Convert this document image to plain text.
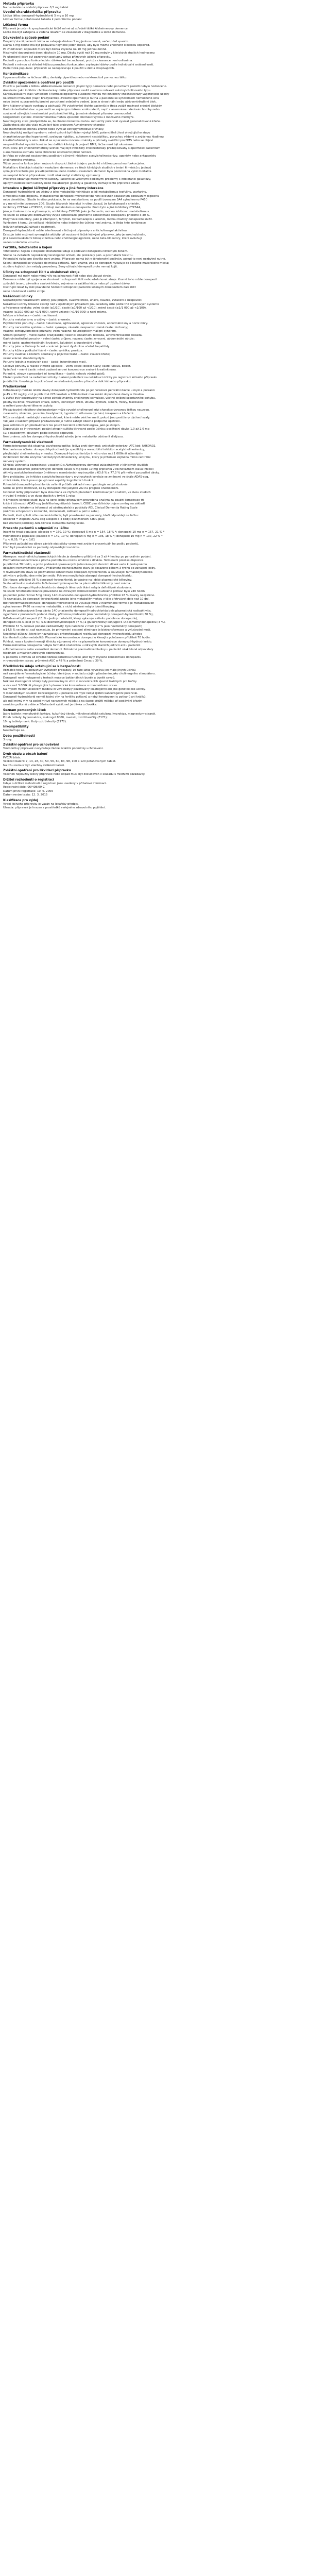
Metoda přípravku
Na nezávislé na období příprava: 0,5 mg tablet
Úvodní charakteristika přípravku
Léčivá látka: donepezil-hydrochlorid 5 mg a 10 mg
Léková forma: potahovaná tableta k perorálnímu podání
Léčebná forma
Přípravek je určen k symptomatické léčbě mírné až středně těžké Alzheimerovy demence.
Léčba má být zahájena a vedena lékařem se zkušeností v diagnostice a léčbě demence.
Dávkování a způsob podání
Dospělí / starší pacienti: léčba se zahajuje dávkou 5 mg jednou denně, večer před spaním.
Dávka 5 mg denně má být podávána nejméně jeden měsíc, aby bylo možné zhodnotit klinickou odpověď.
Po zhodnocení odpovědi může být dávka zvýšena na 10 mg jednou denně.
Maximální doporučená denní dávka je 10 mg. Dávky vyšší než 10 mg nebyly v klinických studiích hodnoceny.
Po ukončení léčby byl pozorován postupný ústup příznivých účinků přípravku.
Pacienti s poruchou funkce ledvin: dávkování lze zachovat, protože clearance není ovlivněna.
Pacienti s mírnou až středně těžkou poruchou funkce jater: zvyšování dávky podle individuální snášenlivosti.
Pediatrická populace: přípravek se nedoporučuje k použití u dětí a dospívajících.
Kontraindikace
Hypersenzitivita na léčivou látku, deriváty piperidinu nebo na kteroukoli pomocnou látku.
Zvláštní upozornění a opatření pro použití
Použití u pacientů s těžkou Alzheimerovou demencí, jinými typy demence nebo poruchami paměti nebylo hodnoceno.
Anestezie: jako inhibitor cholinesterázy může přípravek zesílit svalovou relaxaci sukcinylcholinového typu.
Kardiovaskulární stav: vzhledem k farmakologickému působení mohou mít inhibitory cholinesterázy vagotonické účinky
na srdeční frekvenci (např. bradykardie). Zvláštní opatrnost je nutná u pacientů se syndromem nemocného sinu
nebo jinými supraventrikulárními poruchami srdečního vedení, jako je sinoatriální nebo atrioventrikulární blok.
Byly hlášeny případy synkopy a záchvatů. Při vyšetřování těchto pacientů je třeba zvážit možnost srdeční blokády.
Gastrointestinální stav: u pacientů se zvýšeným rizikem vzniku vředů, např. s anamnézou vředové choroby nebo
současně užívajících nesteroidní protizánětlivé léky, je nutné sledovat příznaky onemocnění.
Urogenitální systém: cholinomimetika mohou způsobit obstrukci výtoku z močového měchýře.
Neurologický stav: předpokládá se, že cholinomimetika mohou mít určitý potenciál vyvolat generalizované křeče.
Záchvatová aktivita však může být také projevem Alzheimerovy choroby.
Cholinomimetika mohou zhoršit nebo vyvolat extrapyramidové příznaky.
Neuroleptický maligní syndrom: velmi vzácně byl hlášen výskyt NMS, potenciálně život ohrožujícího stavu
charakterizovaného hypertermií, svalovou rigiditou, autonomní nestabilitou, poruchou vědomí a zvýšenou hladinou
kreatinfosfokinázy v séru. Pokud se u pacienta rozvinou známky a příznaky svědčící pro NMS nebo se objeví
nevysvětlitelná vysoká horečka bez dalších klinických projevů NMS, léčba musí být ukončena.
Plicní stav: pro cholinomimetický účinek mají být inhibitory cholinesterázy předepisovány s opatrností pacientům
s anamnézou astmatu nebo chronické obstrukční plicní nemoci.
Je třeba se vyhnout současnému podávání s jinými inhibitory acetylcholinesterázy, agonisty nebo antagonisty
cholinergního systému.
Těžká porucha funkce jater: nejsou k dispozici žádné údaje u pacientů s těžkou poruchou funkce jater.
Mortalita v klinických studiích vaskulární demence: ve třech klinických studiích v trvání 6 měsíců u jedinců
splňujících kritéria pro pravděpodobnou nebo možnou vaskulární demenci byla pozorována vyšší mortalita
ve skupině léčené přípravkem; rozdíl však nebyl statisticky významný.
Přípravek obsahuje monohydrát laktózy. Pacienti se vzácnými dědičnými problémy s intolerancí galaktózy,
úplným nedostatkem laktázy nebo malabsorpcí glukózy a galaktózy nemají tento přípravek užívat.
Interakce s jinými léčivými přípravky a jiné formy interakce
Donepezil-hydrochlorid ani žádný z jeho metabolitů neinhibuje u lidí metabolismus teofylinu, warfarinu,
cimetidinu nebo digoxinu. Metabolismus donepezil-hydrochloridu není ovlivněn současným podáváním digoxinu
nebo cimetidinu. Studie in vitro prokázaly, že na metabolismu se podílí izoenzym 3A4 cytochromu P450
a v menší míře izoenzym 2D6. Studie lékových interakcí in vitro ukazují, že ketokonazol a chinidin,
inhibitory CYP3A4 a CYP2D6, inhibují metabolismus donepezilu. Proto tyto a jiné inhibitory CYP3A4,
jako je itrakonazol a erythromycin, a inhibitory CYP2D6, jako je fluoxetin, mohou inhibovat metabolismus.
Ve studii se zdravými dobrovolníky zvýšil ketokonazol průměrné koncentrace donepezilu přibližně o 30 %.
Enzymové induktory, jako je rifampicin, fenytoin, karbamazepin a alkohol, mohou hladiny donepezilu snížit.
Vzhledem k tomu, že velikost inhibičního nebo indukčního účinku není známa, je třeba tyto kombinace
léčivých přípravků užívat s opatrností.
Donepezil-hydrochlorid může interferovat s léčivými přípravky s anticholinergní aktivitou.
Existuje také možnost synergické aktivity při současné léčbě léčivými přípravky, jako je sukcinylcholin,
jiná neuromuskulární blokující léčiva nebo cholinergní agonisté, nebo beta-blokátory, které ovlivňují
vedení srdečního vzruchu.
Fertilita, těhotenství a kojení
Těhotenství: nejsou k dispozici dostatečné údaje o podávání donepezilu těhotným ženám.
Studie na zvířatech neprokázaly teratogenní účinek, ale prokázaly peri- a postnatální toxicitu.
Potenciální riziko pro člověka není známo. Přípravek nemá být v těhotenství podáván, pokud to není nezbytně nutné.
Kojení: donepezil se vylučuje do mléka potkanů. Není známo, zda se donepezil vylučuje do lidského mateřského mléka;
studie u kojících žen nebyly provedeny. Ženy užívající donepezil proto nemají kojit.
Účinky na schopnost řídit a obsluhovat stroje
Donepezil má malý nebo mírný vliv na schopnost řídit nebo obsluhovat stroje.
Demence může být spojena se zhoršením schopnosti řídit nebo obsluhovat stroje. Kromě toho může donepezil
způsobit únavu, závratě a svalové křeče, zejména na začátku léčby nebo při zvýšení dávky.
Ošetřující lékař by měl pravidelně hodnotit schopnost pacientů léčených donepezilem dále řídit
nebo obsluhovat složité stroje.
Nežádoucí účinky
Nejčastějšími nežádoucími účinky jsou průjem, svalové křeče, únava, nauzea, zvracení a nespavost.
Nežádoucí účinky hlášené častěji než v ojedinělých případech jsou uvedeny níže podle tříd orgánových systémů
a frekvence výskytu: velmi časté (≥1/10), časté (≥1/100 až <1/10), méně časté (≥1/1 000 až <1/100),
vzácné (≥1/10 000 až <1/1 000), velmi vzácné (<1/10 000) a není známo.
Infekce a infestace – časté: nachlazení.
Poruchy metabolismu a výživy – časté: anorexie.
Psychiatrické poruchy – časté: halucinace, agitovanost, agresivní chování, abnormální sny a noční můry.
Poruchy nervového systému – časté: synkopa, závratě, nespavost; méně časté: záchvaty;
vzácné: extrapyramidové příznaky; velmi vzácné: neuroleptický maligní syndrom.
Srdeční poruchy – méně časté: bradykardie; vzácné: sinoatriální blokáda, atrioventrikulární blokáda.
Gastrointestinální poruchy – velmi časté: průjem, nauzea; časté: zvracení, abdominální obtíže;
méně časté: gastrointestinální krvácení, žaludeční a duodenální vředy.
Poruchy jater a žlučových cest – vzácné: jaterní dysfunkce včetně hepatitidy.
Poruchy kůže a podkožní tkáně – časté: vyrážka, pruritus.
Poruchy svalové a kosterní soustavy a pojivové tkáně – časté: svalové křeče;
velmi vzácné: rhabdomyolýza.
Poruchy ledvin a močových cest – časté: inkontinence moči.
Celkové poruchy a reakce v místě aplikace – velmi časté: bolest hlavy; časté: únava, bolest.
Vyšetření – méně časté: mírné zvýšení sérové koncentrace svalové kreatinkinázy.
Poranění, otravy a procedurální komplikace – časté: nehody včetně pádů.
Hlášení podezření na nežádoucí účinky: hlášení podezření na nežádoucí účinky po registraci léčivého přípravku
je důležité. Umožňuje to pokračovat ve sledování poměru přínosů a rizik léčivého přípravku.
Předávkování
Odhadovaný medián letální dávky donepezil-hydrochloridu po jednorázové perorální dávce u myší a potkanů
je 45 a 32 mg/kg, což je přibližně 225násobek a 160násobek maximální doporučené dávky u člověka.
U zvířat byly pozorovány na dávce závislé známky cholinergní stimulace, včetně snížení spontánního pohybu,
polohy na břiše, vrávoravé chůze, slzení, klonických křečí, útlumu dýchání, slinění, miózy, fascikulací
a snížení povrchové tělesné teploty.
Předávkování inhibitory cholinesterázy může vyvolat cholinergní krizi charakterizovanou těžkou nauzeou,
zvracením, sliněním, pocením, bradykardií, hypotenzí, útlumem dýchání, kolapsem a křečemi.
Může se objevit narůstající svalová slabost, která může vést ke smrti, pokud jsou postiženy dýchací svaly.
Tak jako v každém případě předávkování je nutné zahájit obecná podpůrná opatření.
Jako antidotum při předávkování lze použít terciární anticholinergika, jako je atropin.
Doporučuje se intravenózní podání atropin-sulfátu titrované podle účinku: počáteční dávka 1,0 až 2,0 mg
i.v. s následnými dávkami podle klinické odpovědi.
Není známo, zda lze donepezil-hydrochlorid a/nebo jeho metabolity odstranit dialýzou.
Farmakodynamické vlastnosti
Farmakoterapeutická skupina: psychoanaleptika; léčiva proti demenci; anticholinesterázy; ATC kód: N06DA02.
Mechanismus účinku: donepezil-hydrochlorid je specifický a reverzibilní inhibitor acetylcholinesterázy,
převládající cholinesterázy v mozku. Donepezil-hydrochlorid je in vitro více než 1 000krát účinnějším
inhibitorem tohoto enzymu než butyrylcholinesterázy, enzymu, který je přítomen zejména mimo centrální
nervový systém.
Klinická účinnost a bezpečnost: u pacientů s Alzheimerovou demencí zúčastněných v klinických studiích
způsobilo podávání jednorázových denních dávek 5 mg nebo 10 mg přípravku v rovnovážném stavu inhibici
aktivity acetylcholinesterázy (měřeno v membránách erytrocytů) o 63,6 % a 77,3 % při měření po podání dávky.
Bylo prokázáno, že inhibice acetylcholinesterázy v erytrocytech koreluje se změnami ve škále ADAS-cog,
citlivé škále, která posuzuje vybrané aspekty kognitivních funkcí.
Potenciál donepezil-hydrochloridu ovlivnit průběh základní neuropatologie nebyl studován.
Nelze se proto domnívat, že by donepezil měl jakýkoli vliv na progresi onemocnění.
Účinnost léčby přípravkem byla zkoumána ve čtyřech placebem kontrolovaných studiích, ve dvou studiích
v trvání 6 měsíců a ve dvou studiích v trvání 1 roku.
V 6měsíční klinické studii byla na konci léčby přípravkem provedena analýza za použití kombinace tří
kritérií účinnosti: ADAS-cog (měřítko kognitivních funkcí), CIBIC plus (klinický dojem změny na základě
rozhovoru s lékařem a informací od ošetřovatele) a podškály ADL Clinical Dementia Rating Scale
(měřítko schopností v komunitě, domácnosti, zálibách a péči o sebe).
Pacienti, kteří splnili níže uvedená kritéria, byli považováni za pacienty, kteří odpovídají na léčbu:
odpověď = zlepšení ADAS-cog alespoň o 4 body; bez zhoršení CIBIC plus;
bez zhoršení podškály ADL Clinical Dementia Rating Scale.
Procento pacientů s odpovědí na léčbu
Intent-to-treat populace: placebo n = 160, 10 %; donepezil 5 mg n = 154, 18 % *; donepezil 10 mg n = 157, 21 % *
Hodnotitelná populace: placebo n = 149, 10 %; donepezil 5 mg n = 136, 18 % *; donepezil 10 mg n = 137, 22 % *
* p < 0,05; ** p < 0,01
Přípravek způsobil na dávce závislé statisticky významné zvýšení procentuálního podílu pacientů,
kteří byli považováni za pacienty odpovídající na léčbu.
Farmakokinetické vlastnosti
Absorpce: maximálních plazmatických hladin je dosaženo přibližně za 3 až 4 hodiny po perorálním podání.
Plazmatické koncentrace a plocha pod křivkou rostou úměrně s dávkou. Terminální poločas dispozice
je přibližně 70 hodin, a proto podávání opakovaných jednorázových denních dávek vede k postupnému
dosažení rovnovážného stavu. Přibližného rovnovážného stavu je dosaženo během 3 týdnů po zahájení léčby.
V rovnovážném stavu se plazmatické koncentrace donepezil-hydrochloridu a související farmakodynamická
aktivita v průběhu dne mění jen málo. Potrava neovlivňuje absorpci donepezil-hydrochloridu.
Distribuce: přibližně 95 % donepezil-hydrochloridu je vázáno na lidské plazmatické bílkoviny.
Vazba aktivního metabolitu 6-O-desmethyldonepezilu na plazmatické bílkoviny není známa.
Distribuce donepezil-hydrochloridu do různých tělesných tkání nebyla definitivně studována.
Ve studii hmotnostní bilance provedené na zdravých dobrovolnících mužského pohlaví bylo 240 hodin
po podání jednorázové 5mg dávky 14C-značeného donepezil-hydrochloridu přibližně 28 % značky nezjištěno.
To naznačuje, že donepezil-hydrochlorid a/nebo jeho metabolity mohou v těle přetrvávat déle než 10 dní.
Biotransformace/eliminace: donepezil-hydrochlorid se vylučuje močí v nezměněné formě a je metabolizován
cytochromem P450 na mnoho metabolitů, z nichž některé nebyly identifikovány.
Po podání jednorázové 5mg dávky 14C-značeného donepezil-hydrochloridu byla plazmatická radioaktivita,
vyjádřená v procentech podané dávky, přítomna především jako nezměněný donepezil-hydrochlorid (30 %),
6-O-desmethyldonepezil (11 % – jediný metabolit, který vykazuje aktivitu podobnou donepezilu),
donepezil-cis-N-oxid (9 %), 5-O-desmethyldonepezil (7 %) a glukuronidový konjugát 5-O-desmethyldonepezilu (3 %).
Přibližně 57 % celkové podané radioaktivity bylo nalezeno v moči (17 % jako nezměněný donepezil)
a 14,5 % ve stolici, což naznačuje, že primárními cestami eliminace je biotransformace a vylučování močí.
Neexistují důkazy, které by naznačovaly enterohepatální recirkulaci donepezil-hydrochloridu a/nebo
kteréhokoli z jeho metabolitů. Plazmatické koncentrace donepezilu klesají s poločasem přibližně 70 hodin.
Pohlaví, rasa a kouření nemají klinicky významný vliv na plazmatické koncentrace donepezil-hydrochloridu.
Farmakokinetika donepezilu nebyla formálně studována u zdravých starších jedinců ani u pacientů
s Alzheimerovou nebo vaskulární demencí. Průměrné plazmatické hladiny u pacientů však těsně odpovídaly
hladinám u mladých zdravých dobrovolníků.
U pacientů s mírnou až středně těžkou poruchou funkce jater byly zvýšené koncentrace donepezilu
v rovnovážném stavu: průměrná AUC o 48 % a průměrná Cmax o 39 %.
Předklinické údaje vztahující se k bezpečnosti
Rozsáhlé testy na pokusných zvířatech prokázaly, že tato látka vyvolává jen málo jiných účinků
než zamýšlené farmakologické účinky, které jsou v souladu s jejím působením jako cholinergního stimulátoru.
Donepezil není mutagenní v testech mutace bakteriálních buněk a buněk savců.
Některé klastogenní účinky byly pozorovány in vitro v koncentracích zjevně toxických pro buňky
a více než 3 000krát převyšujících plazmatické koncentrace v rovnovážném stavu.
Na myším mikronukleovém modelu in vivo nebyly pozorovány klastogenní ani jiné genotoxické účinky.
V dlouhodobých studiích kancerogenity u potkanů ani myší nebyl zjištěn kancerogenní potenciál.
Donepezil-hydrochlorid neměl žádný vliv na fertilitu potkanů a nebyl teratogenní u potkanů ani králíků,
ale měl mírný vliv na počet mrtvě narozených mláďat a na časné přežití mláďat při podávání březím
samicím potkanů v dávce 50násobně vyšší, než je dávka u člověka.
Seznam pomocných látek
Jádro tablety: monohydrát laktózy, kukuřičný škrob, mikrokrystalická celulóza, hyprolóza, magnesium-stearát.
Potah tablety: hypromelóza, makrogol 8000, mastek, oxid titaničitý (E171);
10mg tablety navíc žlutý oxid železitý (E172).
Inkompatibility
Neuplatňuje se.
Doba použitelnosti
3 roky.
Zvláštní opatření pro uchovávání
Tento léčivý přípravek nevyžaduje žádné zvláštní podmínky uchovávání.
Druh obalu a obsah balení
PVC/Al blistr.
Velikosti balení: 7, 14, 28, 30, 50, 56, 60, 84, 98, 100 a 120 potahovaných tablet.
Na trhu nemusí být všechny velikosti balení.
Zvláštní opatření pro likvidaci přípravku
Všechen nepoužitý léčivý přípravek nebo odpad musí být zlikvidován v souladu s místními požadavky.
Držitel rozhodnutí o registraci
Údaje o držiteli rozhodnutí o registraci jsou uvedeny v příbalové informaci.
Registrační číslo: 06/408/09-C
Datum první registrace: 10. 6. 2009
Datum revize textu: 12. 3. 2015
Klasifikace pro výdej
Výdej léčivého přípravku je vázán na lékařský předpis.
Úhrada: přípravek je hrazen z prostředků veřejného zdravotního pojištění.
